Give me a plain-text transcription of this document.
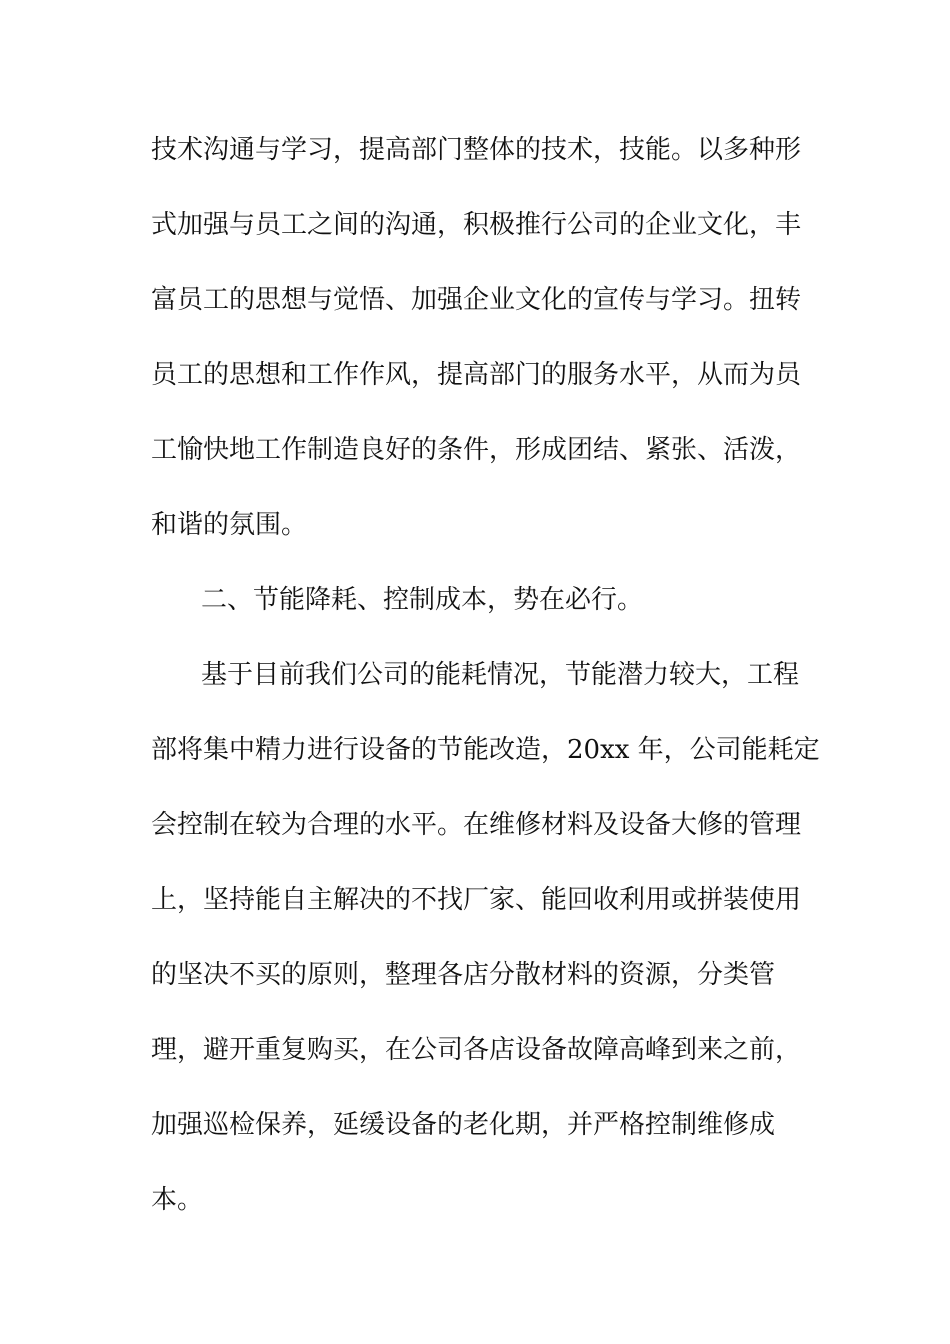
技术沟通与学习，提高部门整体的技术，技能。以多种形
式加强与员工之间的沟通，积极推行公司的企业文化，丰
富员工的思想与觉悟、加强企业文化的宣传与学习。扭转
员工的思想和工作作风，提高部门的服务水平，从而为员
工愉快地工作制造良好的条件，形成团结、紧张、活泼，
和谐的氛围。
二、节能降耗、控制成本，势在必行。
基于目前我们公司的能耗情况，节能潜力较大，工程
部将集中精力进行设备的节能改造，20xx 年，公司能耗定
会控制在较为合理的水平。在维修材料及设备大修的管理
上，坚持能自主解决的不找厂家、能回收利用或拼装使用
的坚决不买的原则，整理各店分散材料的资源，分类管
理，避开重复购买，在公司各店设备故障高峰到来之前，
加强巡检保养，延缓设备的老化期，并严格控制维修成
本。
